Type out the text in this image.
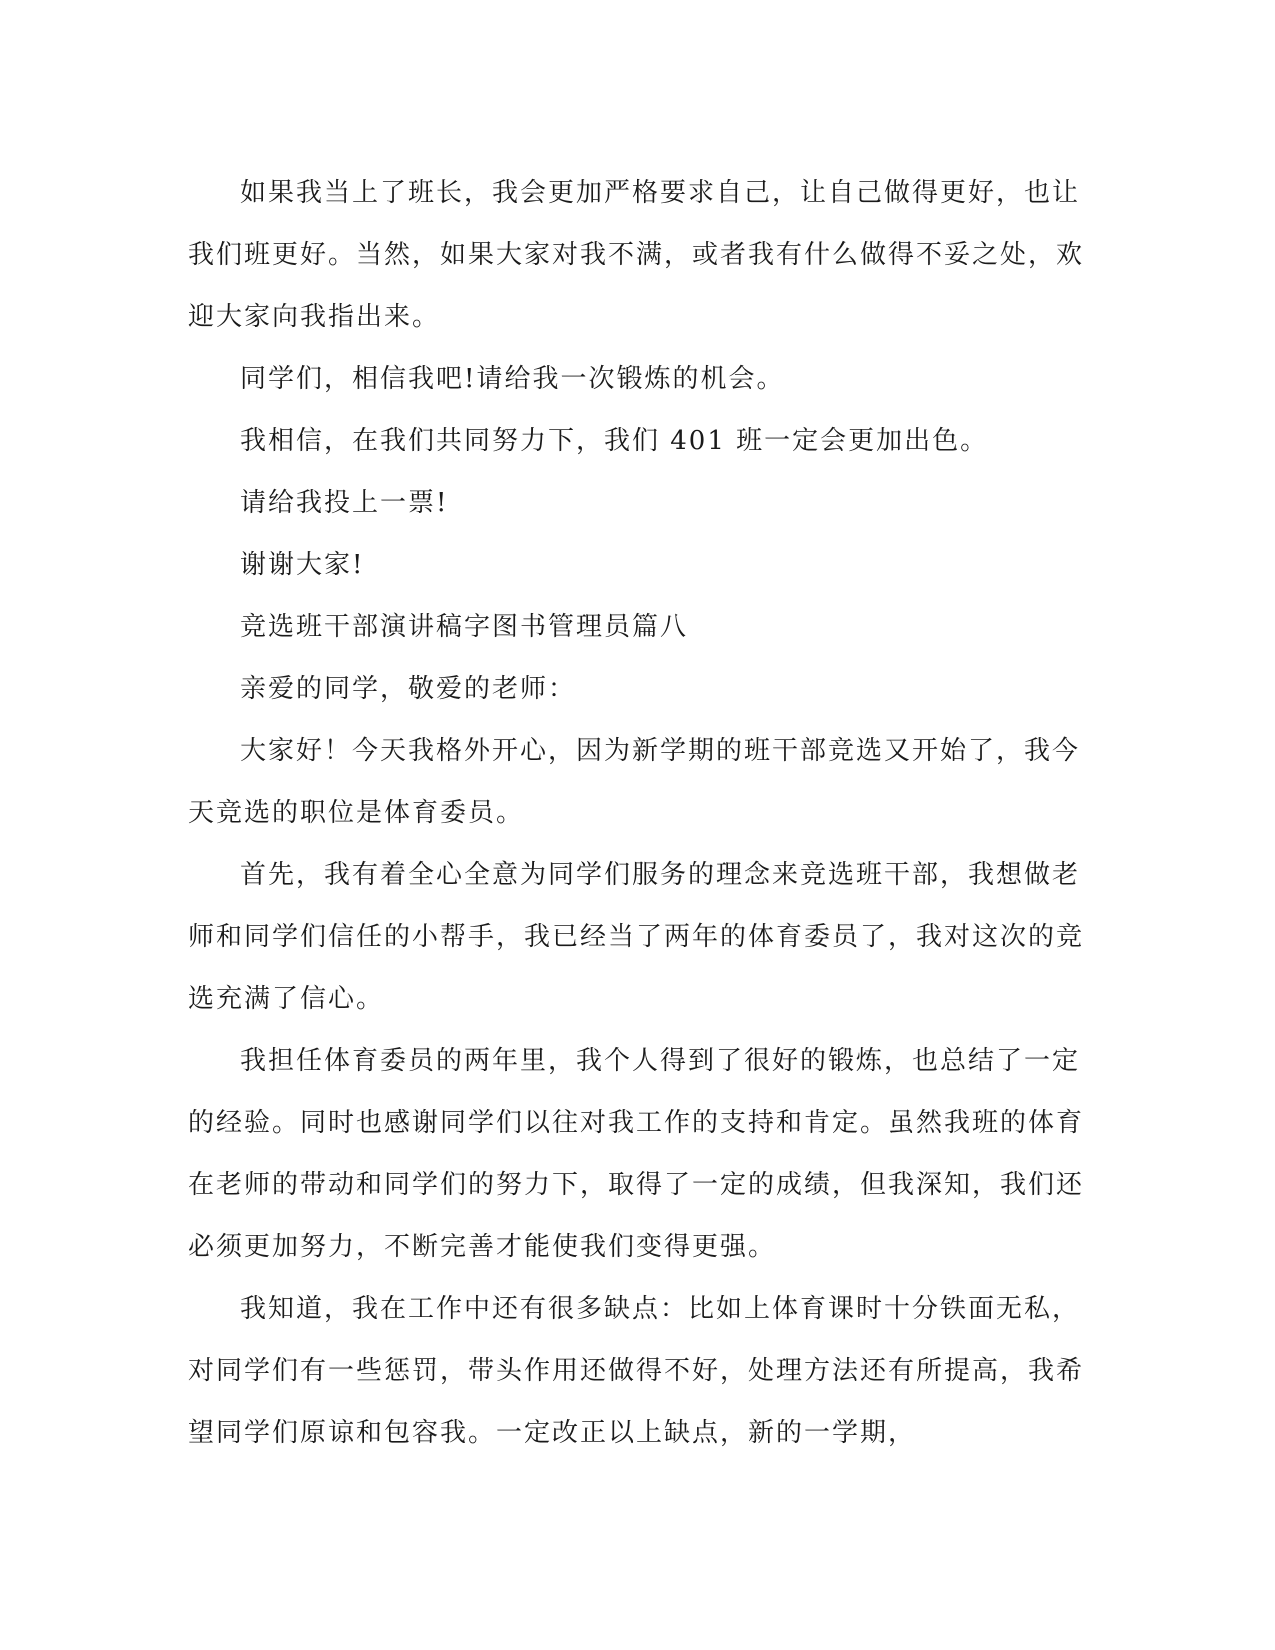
如果我当上了班长，我会更加严格要求自己，让自己做得更好，也让我们班更好。当然，如果大家对我不满，或者我有什么做得不妥之处，欢迎大家向我指出来。

同学们，相信我吧!请给我一次锻炼的机会。

我相信，在我们共同努力下，我们 401 班一定会更加出色。

请给我投上一票!

谢谢大家!

竞选班干部演讲稿字图书管理员篇八

亲爱的同学，敬爱的老师：

大家好！今天我格外开心，因为新学期的班干部竞选又开始了，我今天竞选的职位是体育委员。

首先，我有着全心全意为同学们服务的理念来竞选班干部，我想做老师和同学们信任的小帮手，我已经当了两年的体育委员了，我对这次的竞选充满了信心。

我担任体育委员的两年里，我个人得到了很好的锻炼，也总结了一定的经验。同时也感谢同学们以往对我工作的支持和肯定。虽然我班的体育在老师的带动和同学们的努力下，取得了一定的成绩，但我深知，我们还必须更加努力，不断完善才能使我们变得更强。

我知道，我在工作中还有很多缺点：比如上体育课时十分铁面无私，对同学们有一些惩罚，带头作用还做得不好，处理方法还有所提高，我希望同学们原谅和包容我。一定改正以上缺点，新的一学期，
